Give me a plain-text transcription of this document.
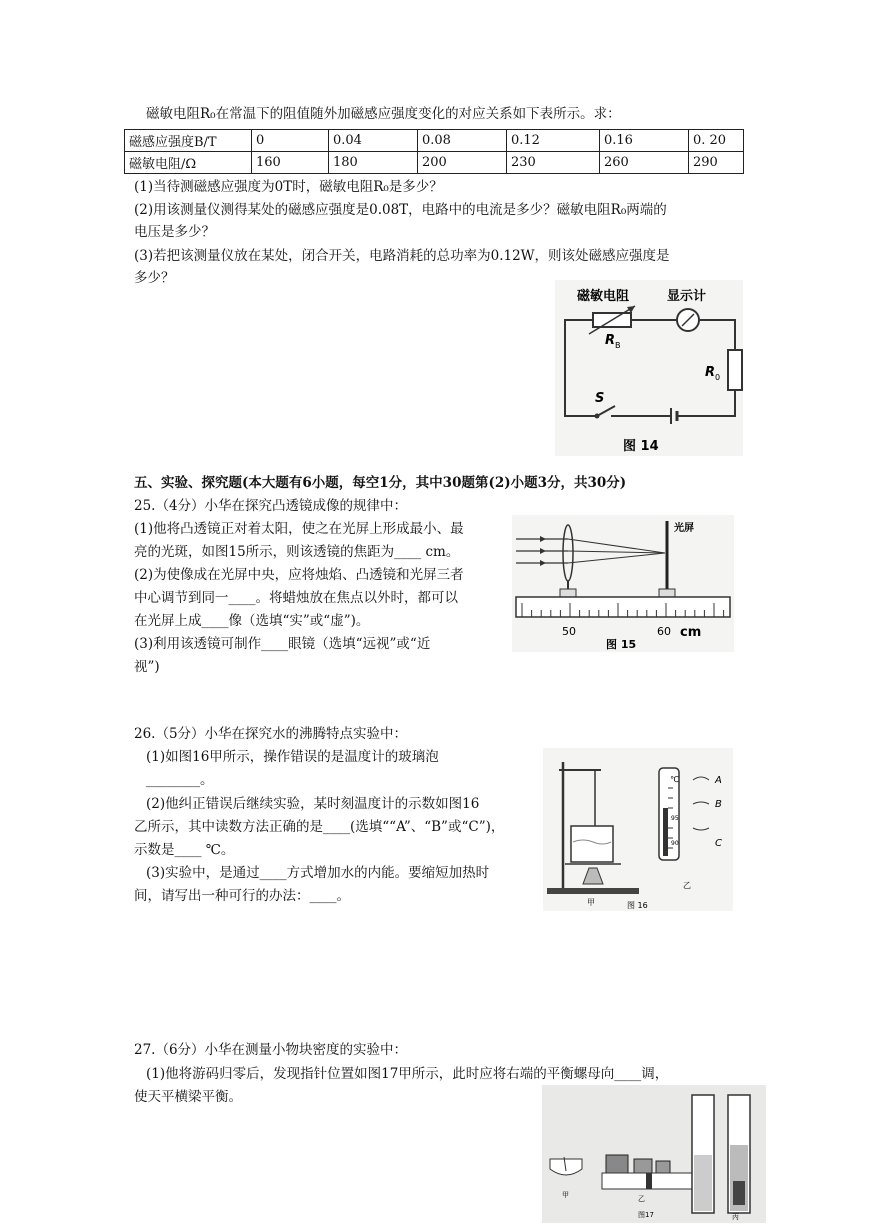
磁敏电阻R₀在常温下的阻值随外加磁感应强度变化的对应关系如下表所示。求：
磁感应强度B/T	0	0.04	0.08	0.12	0.16	0. 20
磁敏电阻/Ω	160	180	200	230	260	290
(1)当待测磁感应强度为0T时，磁敏电阻R₀是多少？
(2)用该测量仪测得某处的磁感应强度是0.08T，电路中的电流是多少？磁敏电阻R₀两端的
电压是多少？
(3)若把该测量仪放在某处，闭合开关，电路消耗的总功率为0.12W，则该处磁感应强度是
多少？
磁敏电阻	显示计
R B
R 0
S
图 14
五、实验、探究题(本大题有6小题，每空1分，其中30题第(2)小题3分，共30分)
25.（4分）小华在探究凸透镜成像的规律中：
(1)他将凸透镜正对着太阳，使之在光屏上形成最小、最
亮的光斑，如图15所示，则该透镜的焦距为____ cm。
(2)为使像成在光屏中央，应将烛焰、凸透镜和光屏三者
中心调节到同一____。将蜡烛放在焦点以外时，都可以
在光屏上成____像（选填“实”或“虚”)。
(3)利用该透镜可制作____眼镜（选填“远视”或“近
视”)
光屏
50	60 cm
图 15
26.（5分）小华在探究水的沸腾特点实验中：
(1)如图16甲所示，操作错误的是温度计的玻璃泡
________。
(2)他纠正错误后继续实验，某时刻温度计的示数如图16
乙所示，其中读数方法正确的是____(选填““A”、“B”或“C”)，
示数是____ ℃。
(3)实验中，是通过____方式增加水的内能。要缩短加热时
间，请写出一种可行的办法：____。	甲
℃
95
90
A
B
C
乙
图 16
27.（6分）小华在测量小物块密度的实验中：
(1)他将游码归零后，发现指针位置如图17甲所示，此时应将右端的平衡螺母向____调，
使天平横梁平衡。
甲	乙
丙
图17
